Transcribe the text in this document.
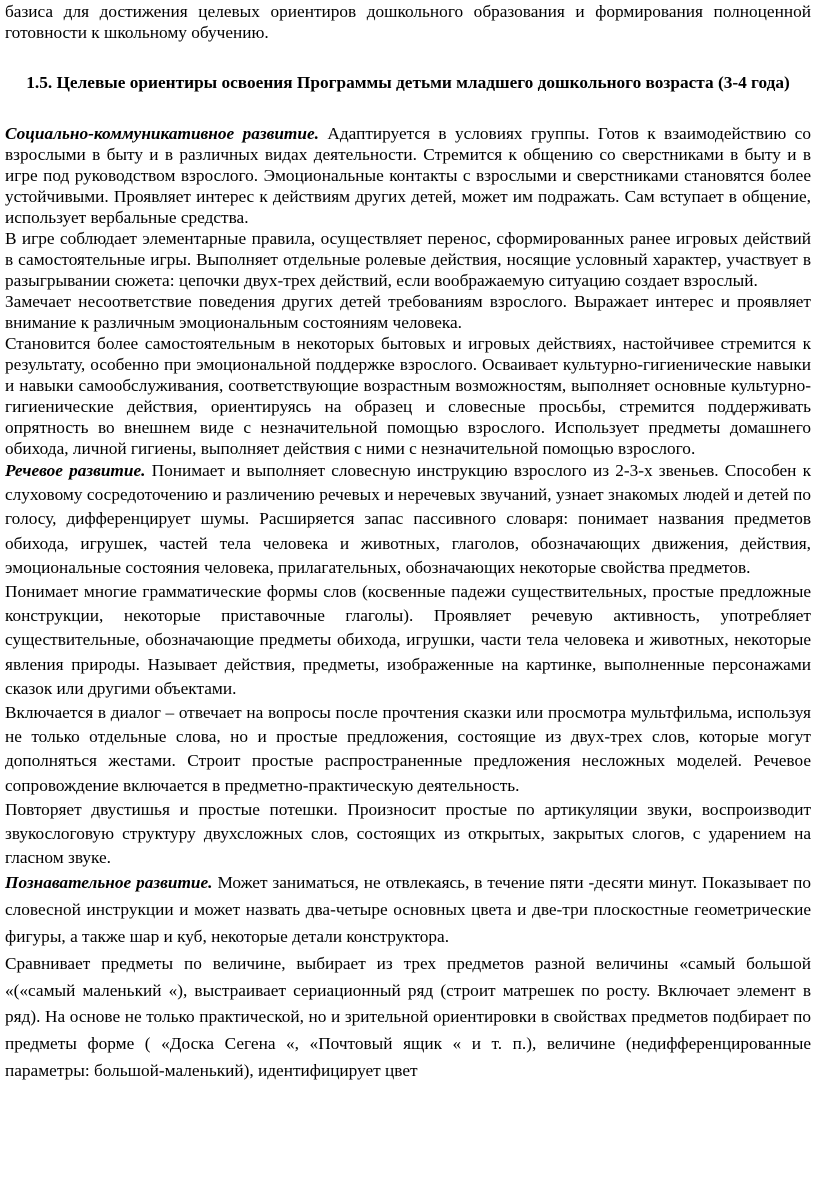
базиса для достижения целевых ориентиров дошкольного образования и формирования полноценной готовности к школьному обучению.

1.5. Целевые ориентиры освоения Программы детьми младшего дошкольного возраста (3-4 года)

Социально-коммуникативное развитие. Адаптируется в условиях группы. Готов к взаимодействию со взрослыми в быту и в различных видах деятельности. Стремится к общению со сверстниками в быту и в игре под руководством взрослого. Эмоциональные контакты с взрослыми и сверстниками становятся более устойчивыми. Проявляет интерес к действиям других детей, может им подражать. Сам вступает в общение, использует вербальные средства.

В игре соблюдает элементарные правила, осуществляет перенос, сформированных ранее игровых действий в самостоятельные игры. Выполняет отдельные ролевые действия, носящие условный характер, участвует в разыгрывании сюжета: цепочки двух-трех действий, если воображаемую ситуацию создает взрослый.

Замечает несоответствие поведения других детей требованиям взрослого. Выражает интерес и проявляет внимание к различным эмоциональным состояниям человека.

Становится более самостоятельным в некоторых бытовых и игровых действиях, настойчивее стремится к результату, особенно при эмоциональной поддержке взрослого. Осваивает культурно-гигиенические навыки и навыки самообслуживания, соответствующие возрастным возможностям, выполняет основные культурно-гигиенические действия, ориентируясь на образец и словесные просьбы, стремится поддерживать опрятность во внешнем виде с незначительной помощью взрослого. Использует предметы домашнего обихода, личной гигиены, выполняет действия с ними с незначительной помощью взрослого.

Речевое развитие. Понимает и выполняет словесную инструкцию взрослого из 2-3-х звеньев. Способен к слуховому сосредоточению и различению речевых и неречевых звучаний, узнает знакомых людей и детей по голосу, дифференцирует шумы. Расширяется запас пассивного словаря: понимает названия предметов обихода, игрушек, частей тела человека и животных, глаголов, обозначающих движения, действия, эмоциональные состояния человека, прилагательных, обозначающих некоторые свойства предметов.

Понимает многие грамматические формы слов (косвенные падежи существительных, простые предложные конструкции, некоторые приставочные глаголы). Проявляет речевую активность, употребляет существительные, обозначающие предметы обихода, игрушки, части тела человека и животных, некоторые явления природы. Называет действия, предметы, изображенные на картинке, выполненные персонажами сказок или другими объектами.

Включается в диалог – отвечает на вопросы после прочтения сказки или просмотра мультфильма, используя не только отдельные слова, но и простые предложения, состоящие из двух-трех слов, которые могут дополняться жестами. Строит простые распространенные предложения несложных моделей. Речевое сопровождение включается в предметно-практическую деятельность.

Повторяет двустишья и простые потешки. Произносит простые по артикуляции звуки, воспроизводит звукослоговую структуру двухсложных слов, состоящих из открытых, закрытых слогов, с ударением на гласном звуке.

Познавательное развитие. Может заниматься, не отвлекаясь, в течение пяти -десяти минут. Показывает по словесной инструкции и может назвать два-четыре основных цвета и две-три плоскостные геометрические фигуры, а также шар и куб, некоторые детали конструктора.

Сравнивает предметы по величине, выбирает из трех предметов разной величины «самый большой «(«самый маленький «), выстраивает сериационный ряд (строит матрешек по росту. Включает элемент в ряд). На основе не только практической, но и зрительной ориентировки в свойствах предметов подбирает по предметы форме ( «Доска Сегена «, «Почтовый ящик « и т. п.), величине (недифференцированные параметры: большой-маленький), идентифицирует цвет
